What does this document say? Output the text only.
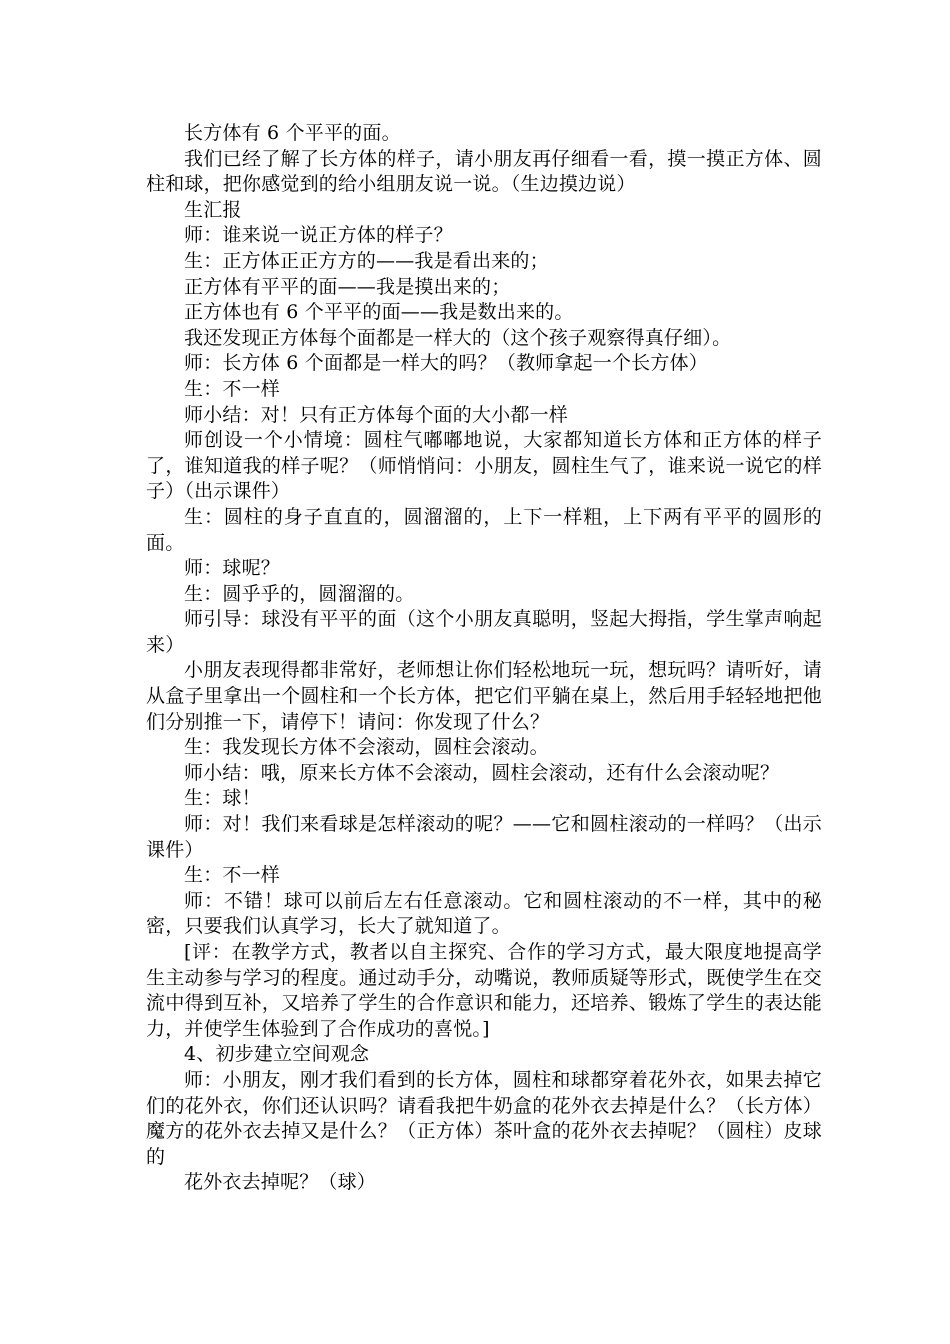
长方体有 6 个平平的面。

我们已经了解了长方体的样子，请小朋友再仔细看一看，摸一摸正方体、圆柱和球，把你感觉到的给小组朋友说一说。（生边摸边说）

生汇报

师：谁来说一说正方体的样子？

生：正方体正正方方的——我是看出来的；

正方体有平平的面——我是摸出来的；

正方体也有 6 个平平的面——我是数出来的。

我还发现正方体每个面都是一样大的（这个孩子观察得真仔细）。

师：长方体 6 个面都是一样大的吗？（教师拿起一个长方体）

生：不一样

师小结：对！只有正方体每个面的大小都一样

师创设一个小情境：圆柱气嘟嘟地说，大家都知道长方体和正方体的样子了，谁知道我的样子呢？（师悄悄问：小朋友，圆柱生气了，谁来说一说它的样子）（出示课件）

生：圆柱的身子直直的，圆溜溜的，上下一样粗，上下两有平平的圆形的面。

师：球呢？

生：圆乎乎的，圆溜溜的。

师引导：球没有平平的面（这个小朋友真聪明，竖起大拇指，学生掌声响起来）

小朋友表现得都非常好，老师想让你们轻松地玩一玩，想玩吗？请听好，请从盒子里拿出一个圆柱和一个长方体，把它们平躺在桌上，然后用手轻轻地把他们分别推一下，请停下！请问：你发现了什么？

生：我发现长方体不会滚动，圆柱会滚动。

师小结：哦，原来长方体不会滚动，圆柱会滚动，还有什么会滚动呢？

生：球！

师：对！我们来看球是怎样滚动的呢？——它和圆柱滚动的一样吗？（出示课件）

生：不一样

师：不错！球可以前后左右任意滚动。它和圆柱滚动的不一样，其中的秘密，只要我们认真学习，长大了就知道了。

[评：在教学方式，教者以自主探究、合作的学习方式，最大限度地提高学生主动参与学习的程度。通过动手分，动嘴说，教师质疑等形式，既使学生在交流中得到互补，又培养了学生的合作意识和能力，还培养、锻炼了学生的表达能力，并使学生体验到了合作成功的喜悦。]

4、初步建立空间观念

师：小朋友，刚才我们看到的长方体，圆柱和球都穿着花外衣，如果去掉它们的花外衣，你们还认识吗？请看我把牛奶盒的花外衣去掉是什么？（长方体）魔方的花外衣去掉又是什么？（正方体）茶叶盒的花外衣去掉呢？（圆柱）皮球的

花外衣去掉呢？（球）
